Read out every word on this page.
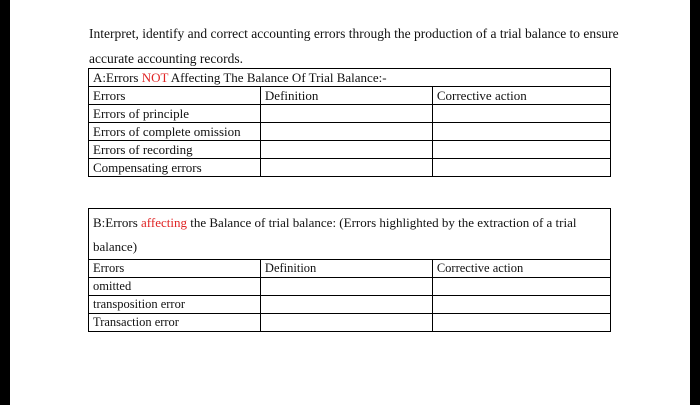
Interpret, identify and correct accounting errors through the production of a trial balance to ensure
accurate accounting records.
A:Errors NOT Affecting The Balance Of Trial Balance:-		
Errors	Definition	Corrective action
Errors of principle		
Errors of complete omission		
Errors of recording		
Compensating errors		
B:Errors affecting the Balance of trial balance: (Errors highlighted by the extraction of a trial balance)		
Errors	Definition	Corrective action
omitted		
transposition error		
Transaction error		
